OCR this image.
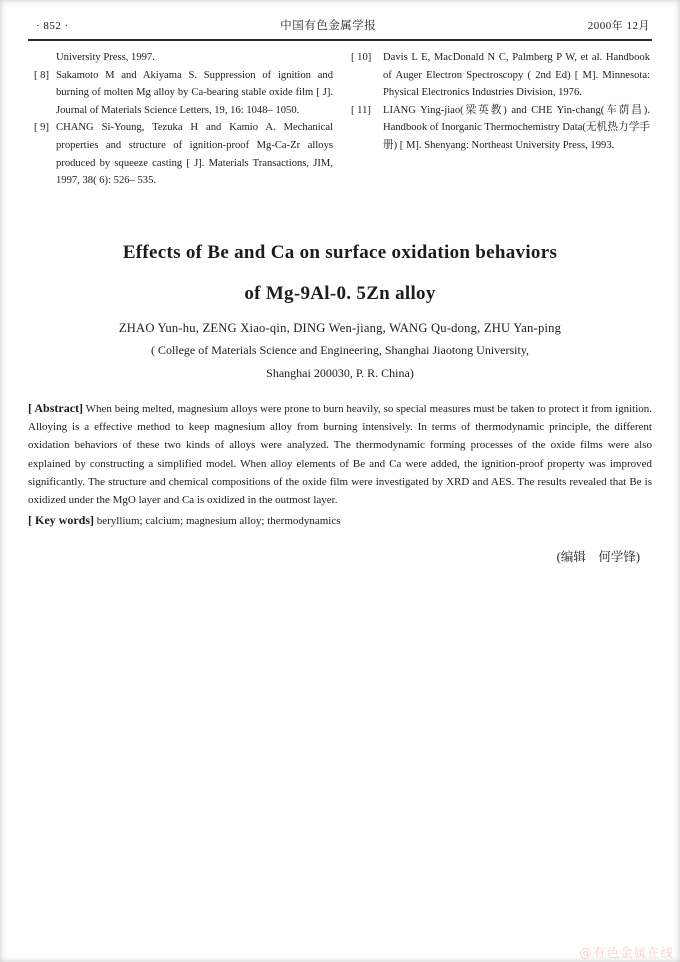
· 852 ·	中国有色金属学报	2000年 12月
University Press, 1997.
[ 8] Sakamoto M and Akiyama S. Suppression of ignition and burning of molten Mg alloy by Ca-bearing stable oxide film [ J]. Journal of Materials Science Letters, 19, 16: 1048– 1050.
[ 9] CHANG Si-Young, Tezuka H and Kamio A. Mechanical properties and structure of ignition-proof Mg-Ca-Zr alloys produced by squeeze casting [ J]. Materials Transactions, JIM, 1997, 38( 6): 526– 535.
[ 10] Davis L E, MacDonald N C, Palmberg P W, et al. Handbook of Auger Electron Spectroscopy ( 2nd Ed) [ M]. Minnesota: Physical Electronics Industries Division, 1976.
[ 11] LIANG Ying-jiao(梁英教) and CHE Yin-chang(车荫昌). Handbook of Inorganic Thermochemistry Data(无机热力学手册) [ M]. Shenyang: Northeast University Press, 1993.
Effects of Be and Ca on surface oxidation behaviors
of Mg-9Al-0. 5Zn alloy
ZHAO Yun-hu, ZENG Xiao-qin, DING Wen-jiang, WANG Qu-dong, ZHU Yan-ping
( College of Materials Science and Engineering, Shanghai Jiaotong University,
Shanghai 200030, P. R. China)
[ Abstract] When being melted, magnesium alloys were prone to burn heavily, so special measures must be taken to protect it from ignition. Alloying is a effective method to keep magnesium alloy from burning intensively. In terms of thermodynamic principle, the different oxidation behaviors of these two kinds of alloys were analyzed. The thermodynamic forming processes of the oxide films were also explained by constructing a simplified model. When alloy elements of Be and Ca were added, the ignition-proof property was improved significantly. The structure and chemical compositions of the oxide film were investigated by XRD and AES. The results revealed that Be is oxidized under the MgO layer and Ca is oxidized in the outmost layer.
[ Key words] beryllium; calcium; magnesium alloy; thermodynamics
(编辑　何学锋)
@有色金属在线
